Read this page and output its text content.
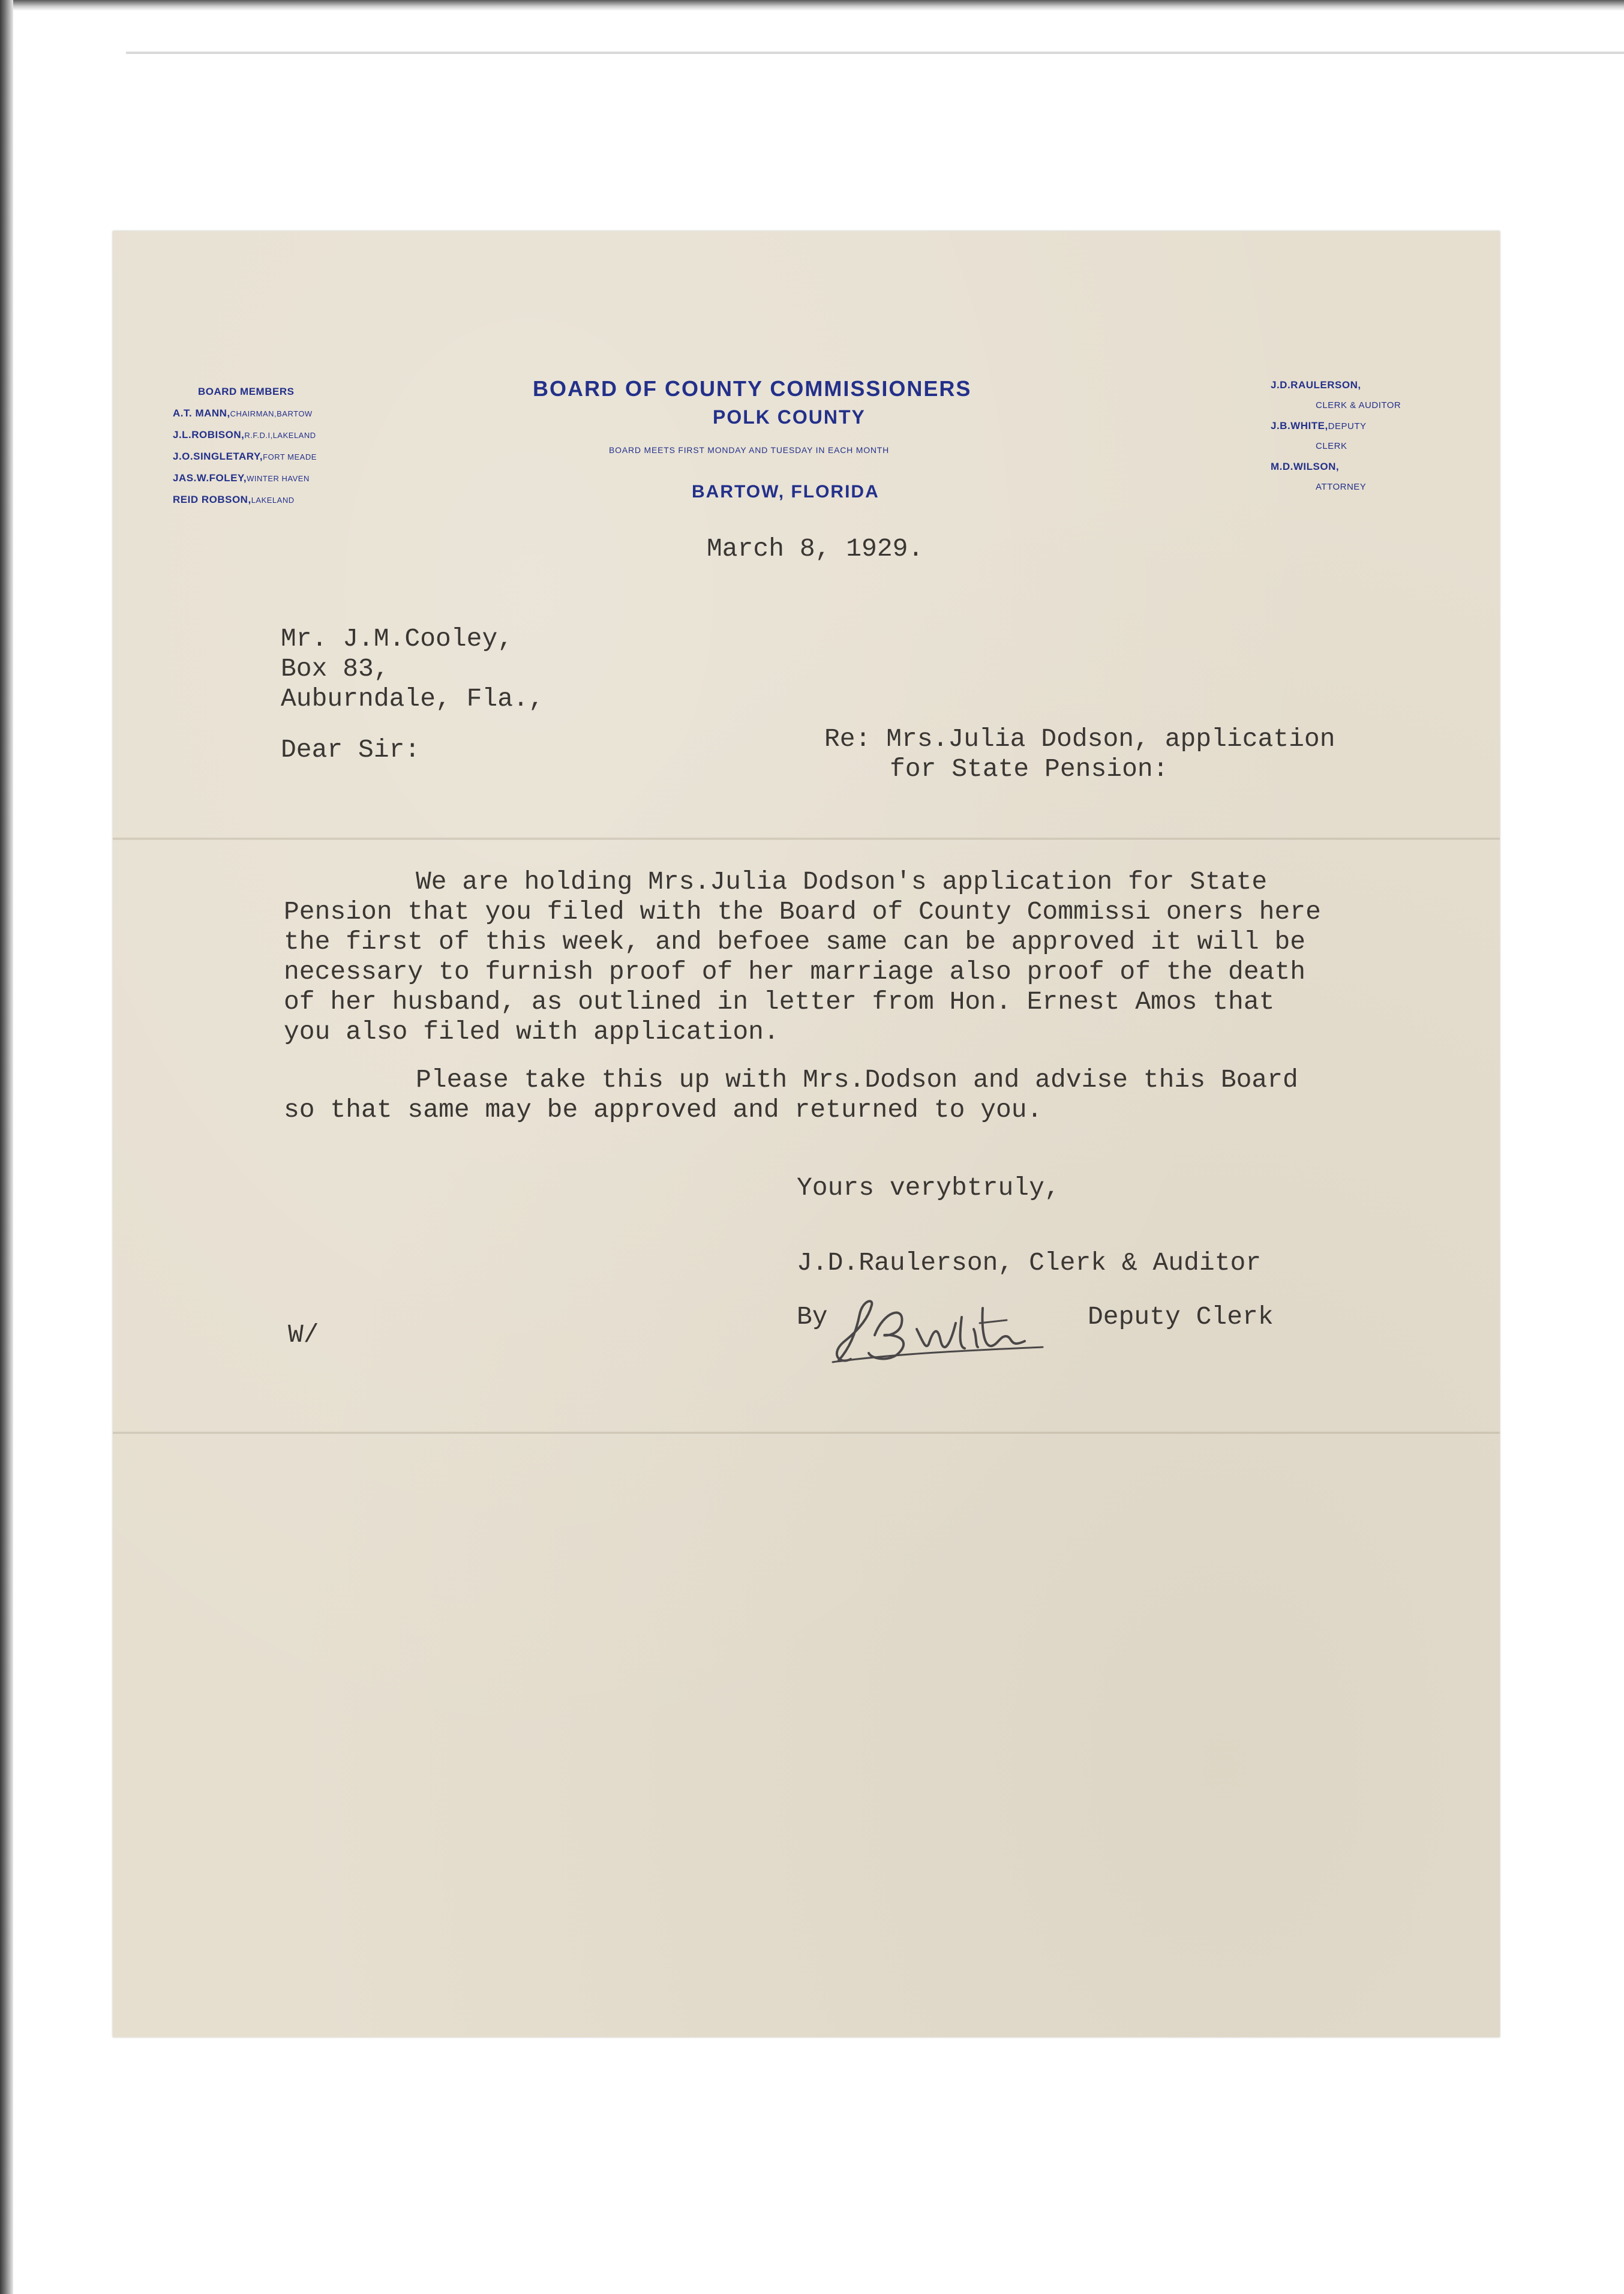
BOARD MEMBERS
A.T. MANN,CHAIRMAN,BARTOW
J.L.ROBISON,R.F.D.I,LAKELAND
J.O.SINGLETARY,FORT MEADE
JAS.W.FOLEY,WINTER HAVEN
REID ROBSON,LAKELAND
BOARD OF COUNTY COMMISSIONERS
POLK COUNTY
BOARD MEETS FIRST MONDAY AND TUESDAY IN EACH MONTH
BARTOW, FLORIDA
J.D.RAULERSON,
CLERK & AUDITOR
J.B.WHITE,DEPUTY
CLERK
M.D.WILSON,
ATTORNEY
March 8, 1929.
Mr. J.M.Cooley,
Box 83,
Auburndale, Fla.,
Dear Sir:	Re: Mrs.Julia Dodson, application
for State Pension:
We are holding Mrs.Julia Dodson's application for State
Pension that you filed with the Board of County Commissi oners here
the first of this week, and befoee same can be approved it will be
necessary to furnish proof of her marriage also proof of the death
of her husband, as outlined in letter from Hon. Ernest Amos that
you also filed with application.
Please take this up with Mrs.Dodson and advise this Board
so that same may be approved and returned to you.
Yours verybtruly,
J.D.Raulerson, Clerk & Auditor
By	Deputy Clerk
W/
